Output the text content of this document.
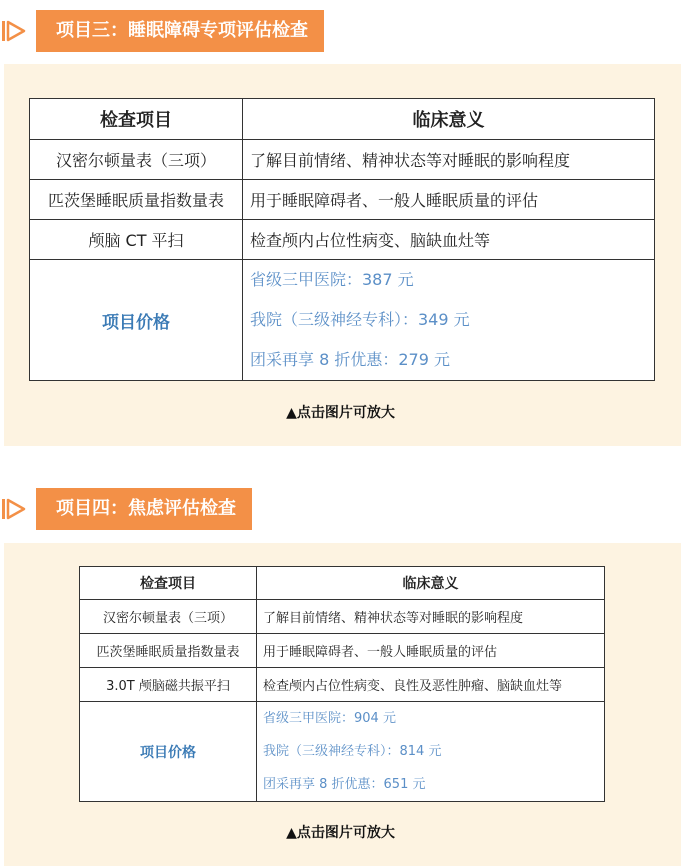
项目三：睡眠障碍专项评估检查
检查项目	临床意义
汉密尔顿量表（三项）	了解目前情绪、精神状态等对睡眠的影响程度
匹茨堡睡眠质量指数量表	用于睡眠障碍者、一般人睡眠质量的评估
颅脑 CT 平扫	检查颅内占位性病变、脑缺血灶等
项目价格	省级三甲医院：387 元
我院（三级神经专科）：349 元
团采再享 8 折优惠：279 元
▲点击图片可放大
项目四：焦虑评估检查
检查项目	临床意义
汉密尔顿量表（三项）	了解目前情绪、精神状态等对睡眠的影响程度
匹茨堡睡眠质量指数量表	用于睡眠障碍者、一般人睡眠质量的评估
3.0T 颅脑磁共振平扫	检查颅内占位性病变、良性及恶性肿瘤、脑缺血灶等
项目价格	省级三甲医院：904 元
我院（三级神经专科）：814 元
团采再享 8 折优惠：651 元
▲点击图片可放大
